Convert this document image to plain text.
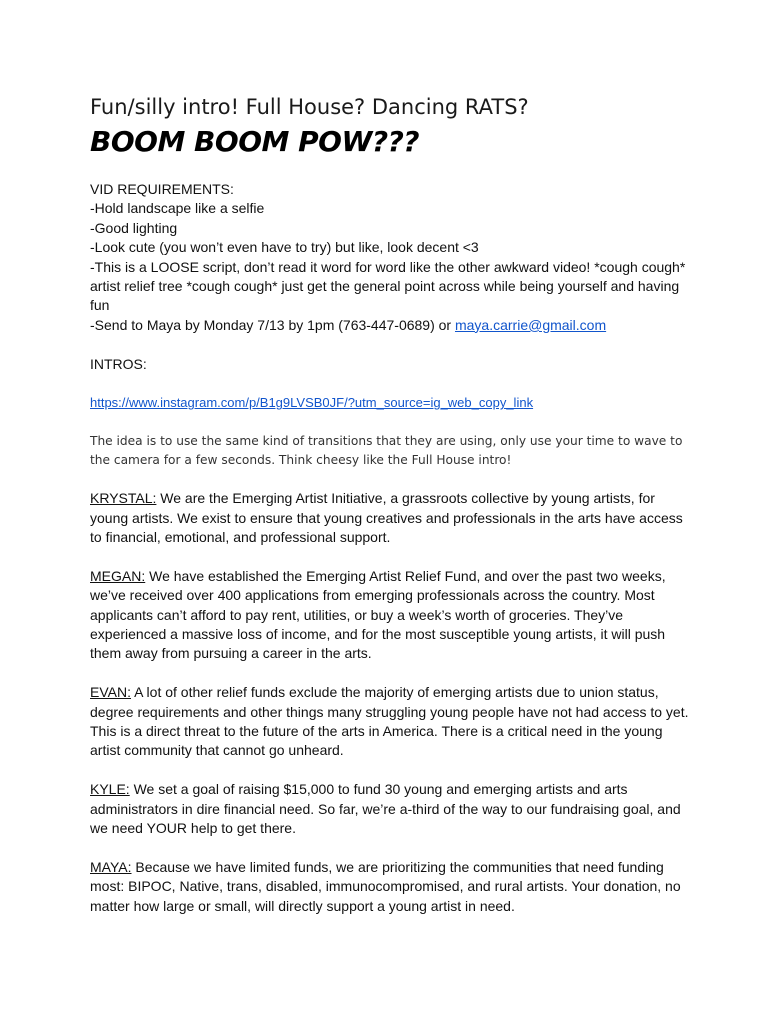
Fun/silly intro! Full House? Dancing RATS?

BOOM BOOM POW???

VID REQUIREMENTS:

-Hold landscape like a selfie

-Good lighting

-Look cute (you won’t even have to try) but like, look decent <3

-This is a LOOSE script, don’t read it word for word like the other awkward video! *cough cough* artist relief tree *cough cough* just get the general point across while being yourself and having fun

-Send to Maya by Monday 7/13 by 1pm (763-447-0689) or maya.carrie@gmail.com

INTROS:

https://www.instagram.com/p/B1g9LVSB0JF/?utm_source=ig_web_copy_link

The idea is to use the same kind of transitions that they are using, only use your time to wave to the camera for a few seconds. Think cheesy like the Full House intro!

KRYSTAL: We are the Emerging Artist Initiative, a grassroots collective by young artists, for young artists. We exist to ensure that young creatives and professionals in the arts have access to financial, emotional, and professional support.

MEGAN: We have established the Emerging Artist Relief Fund, and over the past two weeks, we’ve received over 400 applications from emerging professionals across the country. Most applicants can’t afford to pay rent, utilities, or buy a week’s worth of groceries. They’ve experienced a massive loss of income, and for the most susceptible young artists, it will push them away from pursuing a career in the arts.

EVAN: A lot of other relief funds exclude the majority of emerging artists due to union status, degree requirements and other things many struggling young people have not had access to yet. This is a direct threat to the future of the arts in America. There is a critical need in the young artist community that cannot go unheard.

KYLE: We set a goal of raising $15,000 to fund 30 young and emerging artists and arts administrators in dire financial need. So far, we’re a-third of the way to our fundraising goal, and we need YOUR help to get there.

MAYA: Because we have limited funds, we are prioritizing the communities that need funding most: BIPOC, Native, trans, disabled, immunocompromised, and rural artists. Your donation, no matter how large or small, will directly support a young artist in need.
